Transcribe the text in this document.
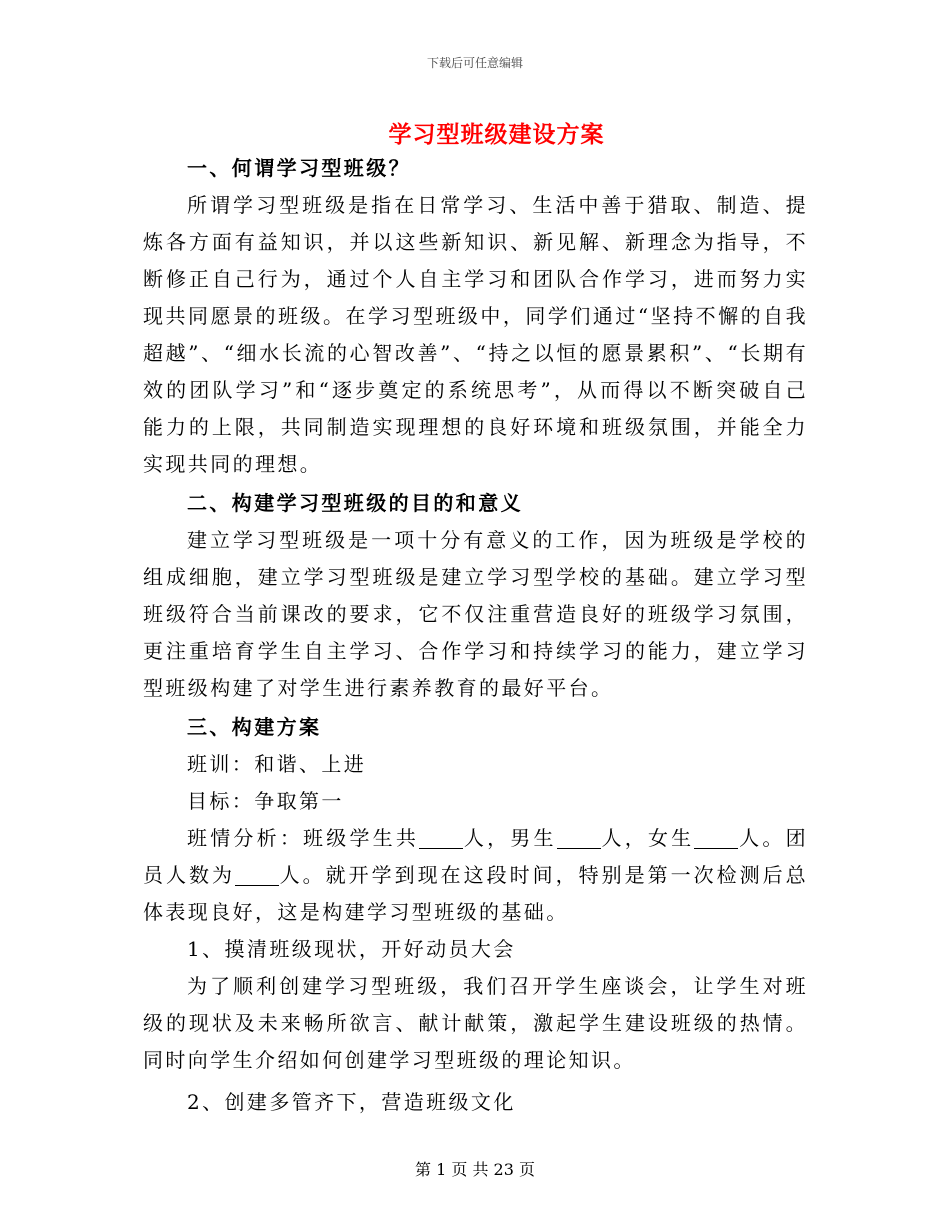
下载后可任意编辑
学习型班级建设方案
一、何谓学习型班级？

所谓学习型班级是指在日常学习、生活中善于猎取、制造、提炼各方面有益知识，并以这些新知识、新见解、新理念为指导，不断修正自己行为，通过个人自主学习和团队合作学习，进而努力实现共同愿景的班级。在学习型班级中，同学们通过“坚持不懈的自我超越”、“细水长流的心智改善”、“持之以恒的愿景累积”、“长期有效的团队学习”和“逐步奠定的系统思考”，从而得以不断突破自己能力的上限，共同制造实现理想的良好环境和班级氛围，并能全力实现共同的理想。

二、构建学习型班级的目的和意义

建立学习型班级是一项十分有意义的工作，因为班级是学校的组成细胞，建立学习型班级是建立学习型学校的基础。建立学习型班级符合当前课改的要求，它不仅注重营造良好的班级学习氛围，更注重培育学生自主学习、合作学习和持续学习的能力，建立学习型班级构建了对学生进行素养教育的最好平台。

三、构建方案

班训：和谐、上进

目标：争取第一

班情分析：班级学生共 人，男生 人，女生 人。团员人数为 人。就开学到现在这段时间，特别是第一次检测后总体表现良好，这是构建学习型班级的基础。

1、摸清班级现状，开好动员大会

为了顺利创建学习型班级，我们召开学生座谈会，让学生对班级的现状及未来畅所欲言、献计献策，激起学生建设班级的热情。同时向学生介绍如何创建学习型班级的理论知识。

2、创建多管齐下，营造班级文化

第 1 页 共 23 页
